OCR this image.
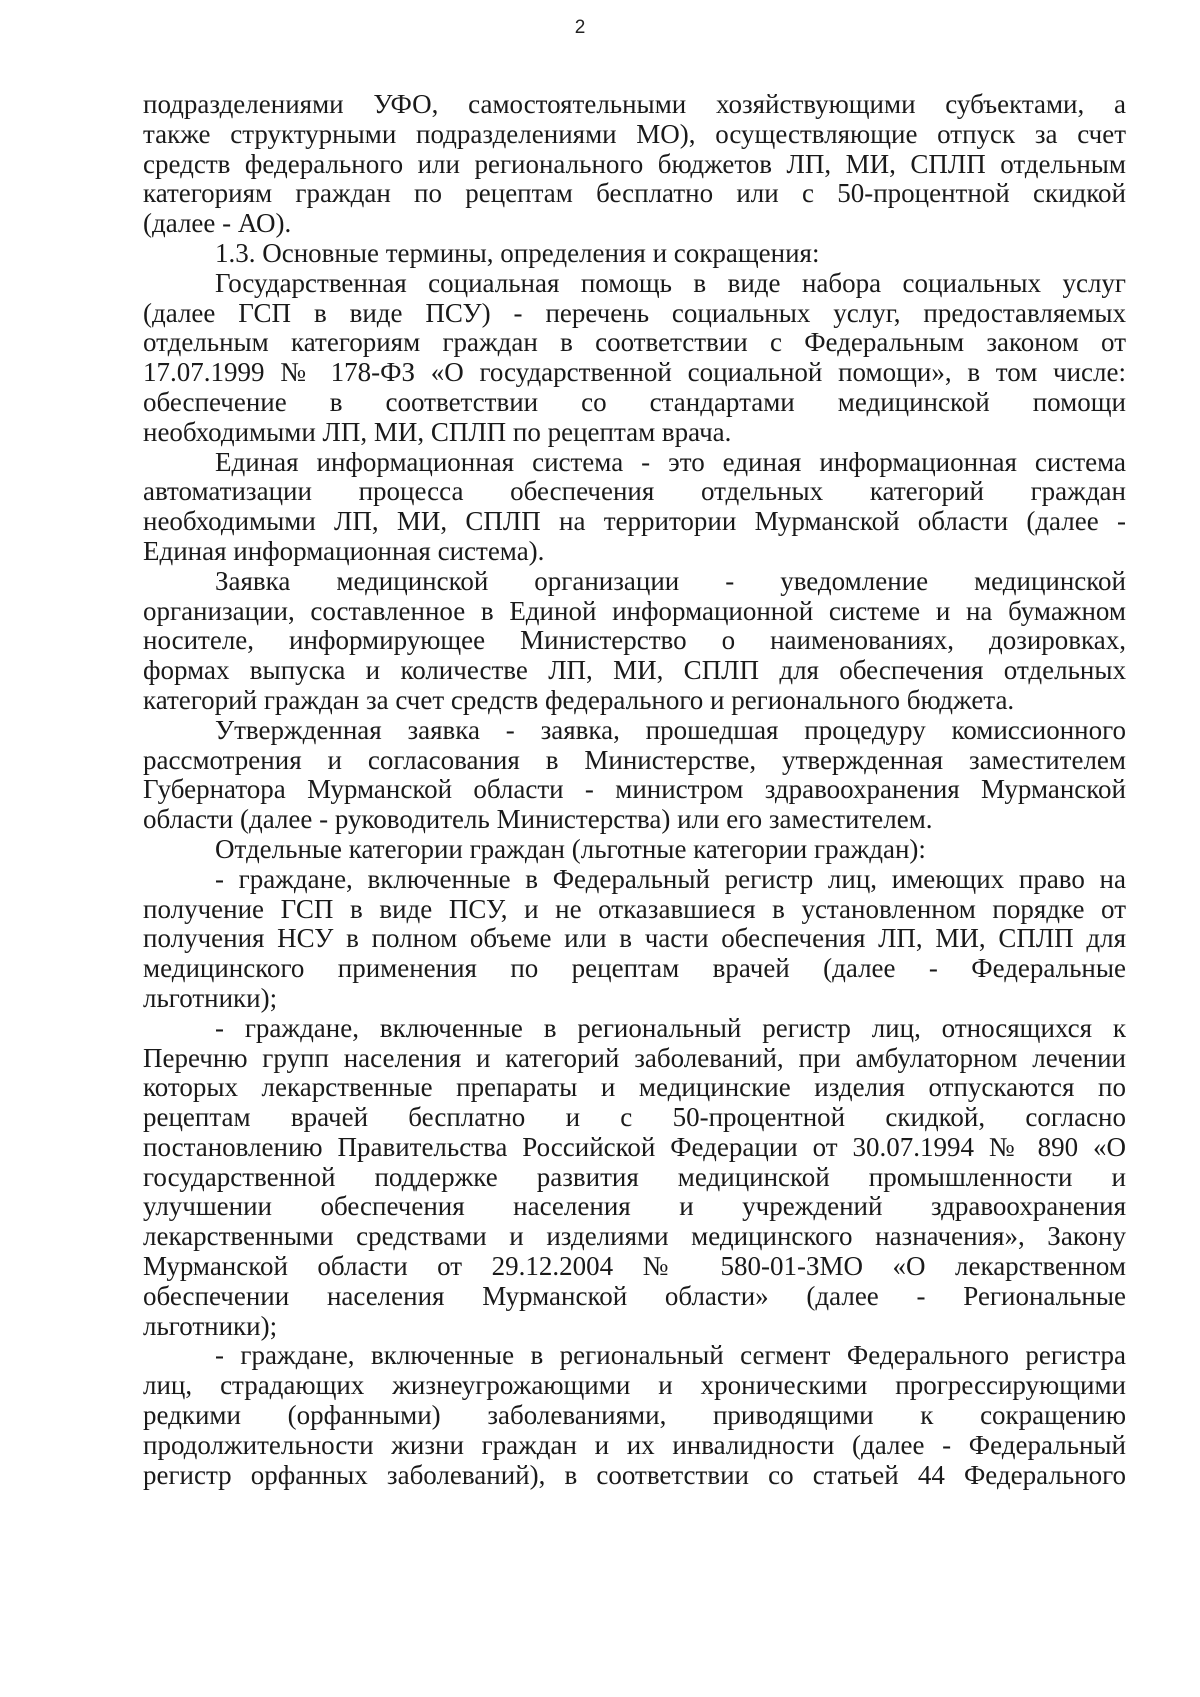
2
подразделениями УФО, самостоятельными хозяйствующими субъектами, а
также структурными подразделениями МО), осуществляющие отпуск за счет
средств федерального или регионального бюджетов ЛП, МИ, СПЛП отдельным
категориям граждан по рецептам бесплатно или с 50-процентной скидкой
(далее - АО).
1.3. Основные термины, определения и сокращения:
Государственная социальная помощь в виде набора социальных услуг
(далее ГСП в виде ПСУ) - перечень социальных услуг, предоставляемых
отдельным категориям граждан в соответствии с Федеральным законом от
17.07.1999 № 178-ФЗ «О государственной социальной помощи», в том числе:
обеспечение в соответствии со стандартами медицинской помощи
необходимыми ЛП, МИ, СПЛП по рецептам врача.
Единая информационная система - это единая информационная система
автоматизации процесса обеспечения отдельных категорий граждан
необходимыми ЛП, МИ, СПЛП на территории Мурманской области (далее -
Единая информационная система).
Заявка медицинской организации - уведомление медицинской
организации, составленное в Единой информационной системе и на бумажном
носителе, информирующее Министерство о наименованиях, дозировках,
формах выпуска и количестве ЛП, МИ, СПЛП для обеспечения отдельных
категорий граждан за счет средств федерального и регионального бюджета.
Утвержденная заявка - заявка, прошедшая процедуру комиссионного
рассмотрения и согласования в Министерстве, утвержденная заместителем
Губернатора Мурманской области - министром здравоохранения Мурманской
области (далее - руководитель Министерства) или его заместителем.
Отдельные категории граждан (льготные категории граждан):
- граждане, включенные в Федеральный регистр лиц, имеющих право на
получение ГСП в виде ПСУ, и не отказавшиеся в установленном порядке от
получения НСУ в полном объеме или в части обеспечения ЛП, МИ, СПЛП для
медицинского применения по рецептам врачей (далее - Федеральные
льготники);
- граждане, включенные в региональный регистр лиц, относящихся к
Перечню групп населения и категорий заболеваний, при амбулаторном лечении
которых лекарственные препараты и медицинские изделия отпускаются по
рецептам врачей бесплатно и с 50-процентной скидкой, согласно
постановлению Правительства Российской Федерации от 30.07.1994 № 890 «О
государственной поддержке развития медицинской промышленности и
улучшении обеспечения населения и учреждений здравоохранения
лекарственными средствами и изделиями медицинского назначения», Закону
Мурманской области от 29.12.2004 № 580-01-ЗМО «О лекарственном
обеспечении населения Мурманской области» (далее - Региональные
льготники);
- граждане, включенные в региональный сегмент Федерального регистра
лиц, страдающих жизнеугрожающими и хроническими прогрессирующими
редкими (орфанными) заболеваниями, приводящими к сокращению
продолжительности жизни граждан и их инвалидности (далее - Федеральный
регистр орфанных заболеваний), в соответствии со статьей 44 Федерального
